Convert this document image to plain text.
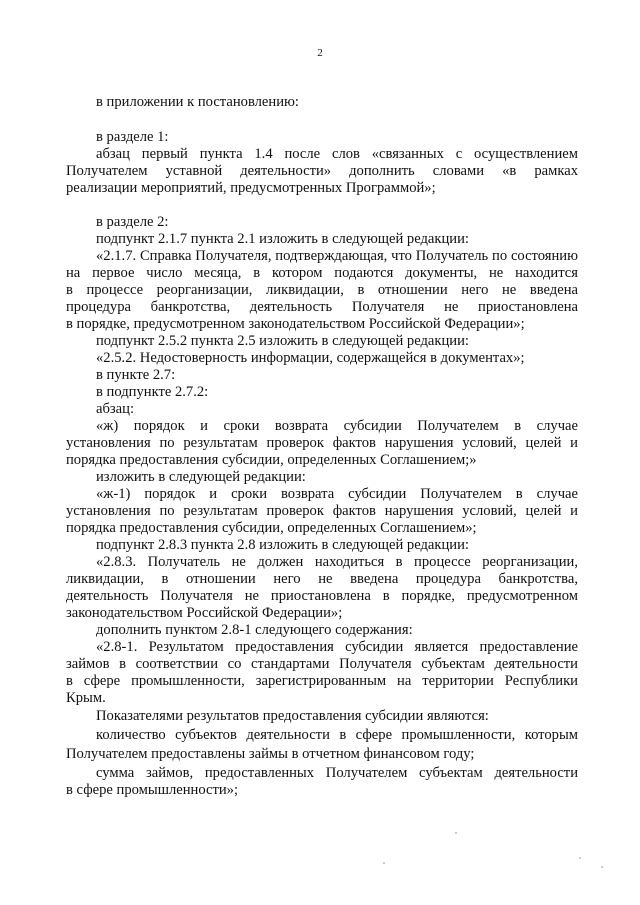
2
в приложении к постановлению:
в разделе 1:
абзац первый пункта 1.4 после слов «связанных с осуществлением
Получателем уставной деятельности» дополнить словами «в рамках
реализации мероприятий, предусмотренных Программой»;
в разделе 2:
подпункт 2.1.7 пункта 2.1 изложить в следующей редакции:
«2.1.7. Справка Получателя, подтверждающая, что Получатель по состоянию
на первое число месяца, в котором подаются документы, не находится
в процессе реорганизации, ликвидации, в отношении него не введена
процедура банкротства, деятельность Получателя не приостановлена
в порядке, предусмотренном законодательством Российской Федерации»;
подпункт 2.5.2 пункта 2.5 изложить в следующей редакции:
«2.5.2. Недостоверность информации, содержащейся в документах»;
в пункте 2.7:
в подпункте 2.7.2:
абзац:
«ж) порядок и сроки возврата субсидии Получателем в случае
установления по результатам проверок фактов нарушения условий, целей и
порядка предоставления субсидии, определенных Соглашением;»
изложить в следующей редакции:
«ж-1) порядок и сроки возврата субсидии Получателем в случае
установления по результатам проверок фактов нарушения условий, целей и
порядка предоставления субсидии, определенных Соглашением»;
подпункт 2.8.3 пункта 2.8 изложить в следующей редакции:
«2.8.3. Получатель не должен находиться в процессе реорганизации,
ликвидации, в отношении него не введена процедура банкротства,
деятельность Получателя не приостановлена в порядке, предусмотренном
законодательством Российской Федерации»;
дополнить пунктом 2.8-1 следующего содержания:
«2.8-1. Результатом предоставления субсидии является предоставление
займов в соответствии со стандартами Получателя субъектам деятельности
в сфере промышленности, зарегистрированным на территории Республики
Крым.
Показателями результатов предоставления субсидии являются:
количество субъектов деятельности в сфере промышленности, которым
Получателем предоставлены займы в отчетном финансовом году;
сумма займов, предоставленных Получателем субъектам деятельности
в сфере промышленности»;
